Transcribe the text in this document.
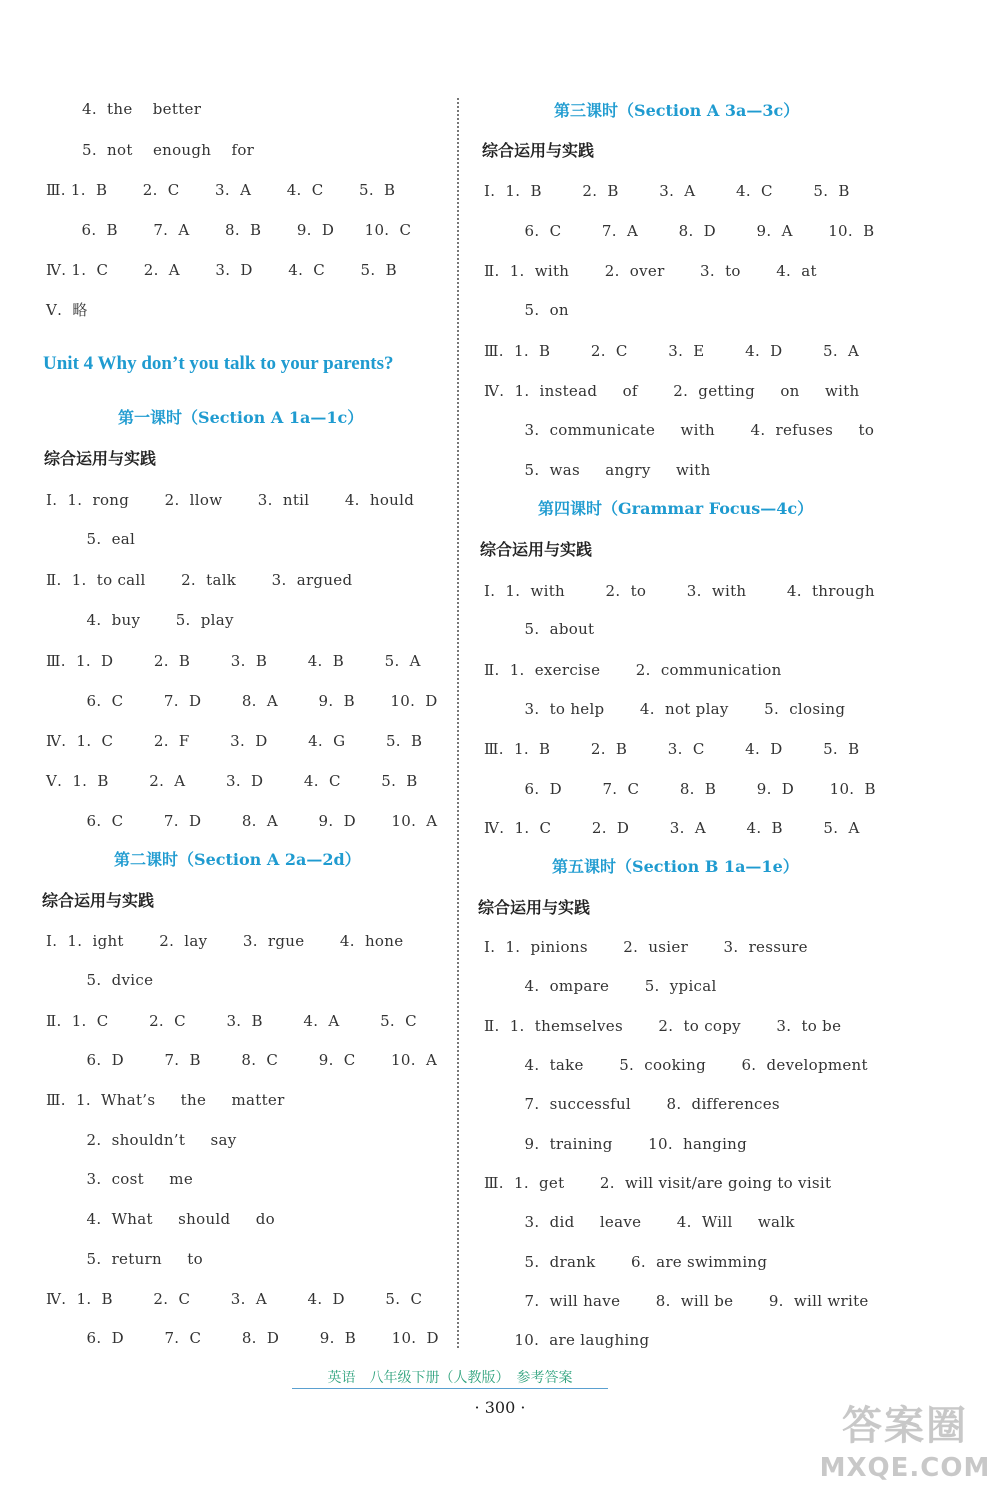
4.  the    better
5.  not    enough    for
Ⅲ. 1.  B       2.  C       3.  A       4.  C       5.  B
6.  B       7.  A       8.  B       9.  D      10.  C
Ⅳ. 1.  C       2.  A       3.  D       4.  C       5.  B
Ⅴ.  略
Unit 4 Why don’t you talk to your parents?
第一课时（Section A 1a—1c）
综合运用与实践
Ⅰ.  1.  rong       2.  llow       3.  ntil       4.  hould
5.  eal
Ⅱ.  1.  to call       2.  talk       3.  argued
4.  buy       5.  play
Ⅲ.  1.  D        2.  B        3.  B        4.  B        5.  A
6.  C        7.  D        8.  A        9.  B       10.  D
Ⅳ.  1.  C        2.  F        3.  D        4.  G        5.  B
Ⅴ.  1.  B        2.  A        3.  D        4.  C        5.  B
6.  C        7.  D        8.  A        9.  D       10.  A
第二课时（Section A 2a—2d）
综合运用与实践
Ⅰ.  1.  ight       2.  lay       3.  rgue       4.  hone
5.  dvice
Ⅱ.  1.  C        2.  C        3.  B        4.  A        5.  C
6.  D        7.  B        8.  C        9.  C       10.  A
Ⅲ.  1.  What’s     the     matter
2.  shouldn’t     say
3.  cost     me
4.  What     should     do
5.  return     to
Ⅳ.  1.  B        2.  C        3.  A        4.  D        5.  C
6.  D        7.  C        8.  D        9.  B       10.  D
第三课时（Section A 3a—3c）
综合运用与实践
Ⅰ.  1.  B        2.  B        3.  A        4.  C        5.  B
6.  C        7.  A        8.  D        9.  A       10.  B
Ⅱ.  1.  with       2.  over       3.  to       4.  at
5.  on
Ⅲ.  1.  B        2.  C        3.  E        4.  D        5.  A
Ⅳ.  1.  instead     of       2.  getting     on     with
3.  communicate     with       4.  refuses     to
5.  was     angry     with
第四课时（Grammar Focus—4c）
综合运用与实践
Ⅰ.  1.  with        2.  to        3.  with        4.  through
5.  about
Ⅱ.  1.  exercise       2.  communication
3.  to help       4.  not play       5.  closing
Ⅲ.  1.  B        2.  B        3.  C        4.  D        5.  B
6.  D        7.  C        8.  B        9.  D       10.  B
Ⅳ.  1.  C        2.  D        3.  A        4.  B        5.  A
第五课时（Section B 1a—1e）
综合运用与实践
Ⅰ.  1.  pinions       2.  usier       3.  ressure
4.  ompare       5.  ypical
Ⅱ.  1.  themselves       2.  to copy       3.  to be
4.  take       5.  cooking       6.  development
7.  successful       8.  differences
9.  training       10.  hanging
Ⅲ.  1.  get       2.  will visit/are going to visit
3.  did     leave       4.  Will     walk
5.  drank       6.  are swimming
7.  will have       8.  will be       9.  will write
10.  are laughing
英语　八年级下册（人教版）　参考答案
· 300 ·	答案圈
MXQE.COM
